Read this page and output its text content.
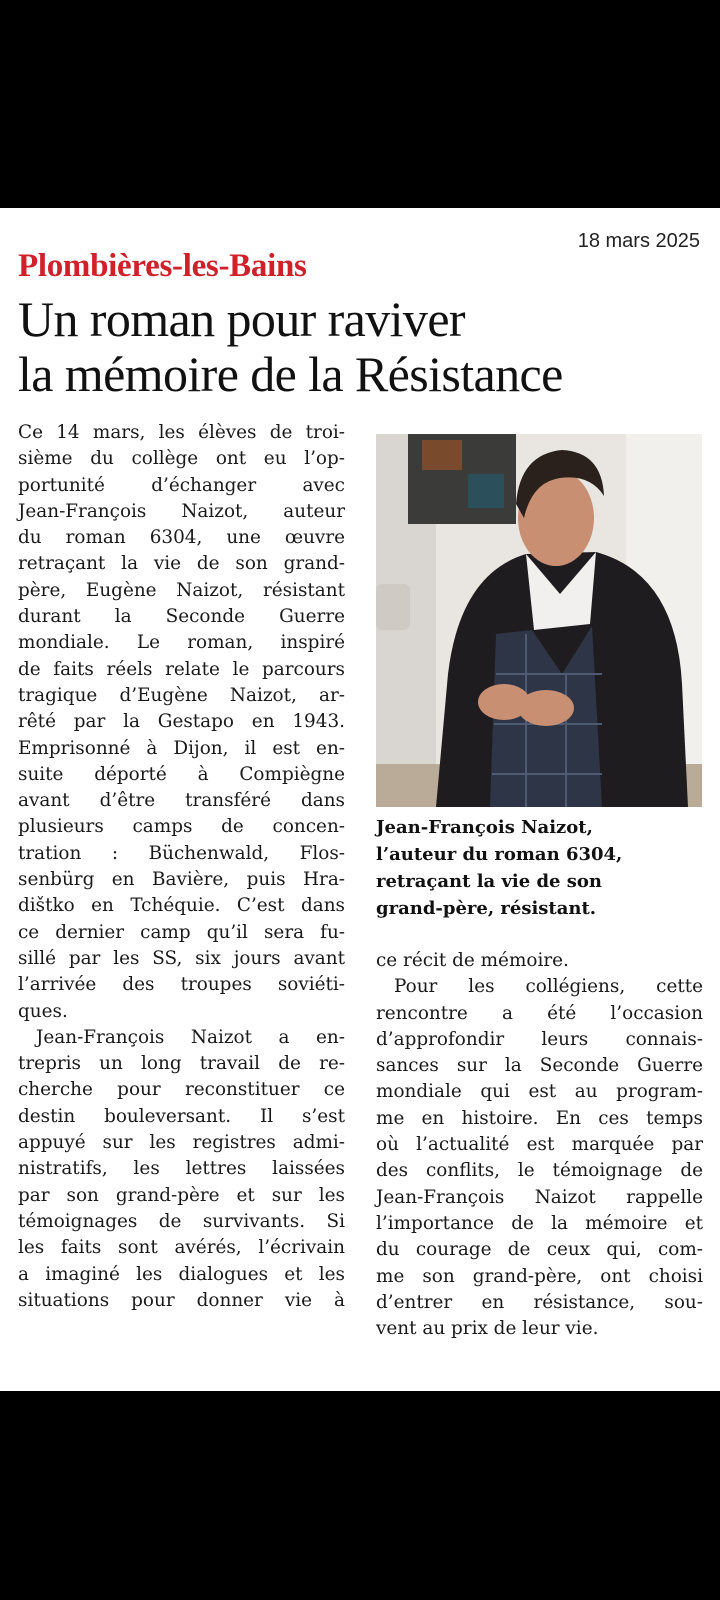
18 mars 2025
Plombières-les-Bains
Un roman pour raviver
la mémoire de la Résistance
Ce 14 mars, les élèves de troi-
sième du collège ont eu l’op-
portunité d’échanger avec
Jean-François Naizot, auteur
du roman 6304, une œuvre
retraçant la vie de son grand-
père, Eugène Naizot, résistant
durant la Seconde Guerre
mondiale. Le roman, inspiré
de faits réels relate le parcours
tragique d’Eugène Naizot, ar-
rêté par la Gestapo en 1943.
Emprisonné à Dijon, il est en-
suite déporté à Compiègne
avant d’être transféré dans
plusieurs camps de concen-
tration : Büchenwald, Flos-
senbürg en Bavière, puis Hra-
dištko en Tchéquie. C’est dans
ce dernier camp qu’il sera fu-
sillé par les SS, six jours avant
l’arrivée des troupes soviéti-
ques.
Jean-François Naizot a en-
trepris un long travail de re-
cherche pour reconstituer ce
destin bouleversant. Il s’est
appuyé sur les registres admi-
nistratifs, les lettres laissées
par son grand-père et sur les
témoignages de survivants. Si
les faits sont avérés, l’écrivain
a imaginé les dialogues et les
situations pour donner vie à
Jean-François Naizot,
l’auteur du roman 6304,
retraçant la vie de son
grand-père, résistant.
ce récit de mémoire.
Pour les collégiens, cette
rencontre a été l’occasion
d’approfondir leurs connais-
sances sur la Seconde Guerre
mondiale qui est au program-
me en histoire. En ces temps
où l’actualité est marquée par
des conflits, le témoignage de
Jean-François Naizot rappelle
l’importance de la mémoire et
du courage de ceux qui, com-
me son grand-père, ont choisi
d’entrer en résistance, sou-
vent au prix de leur vie.
